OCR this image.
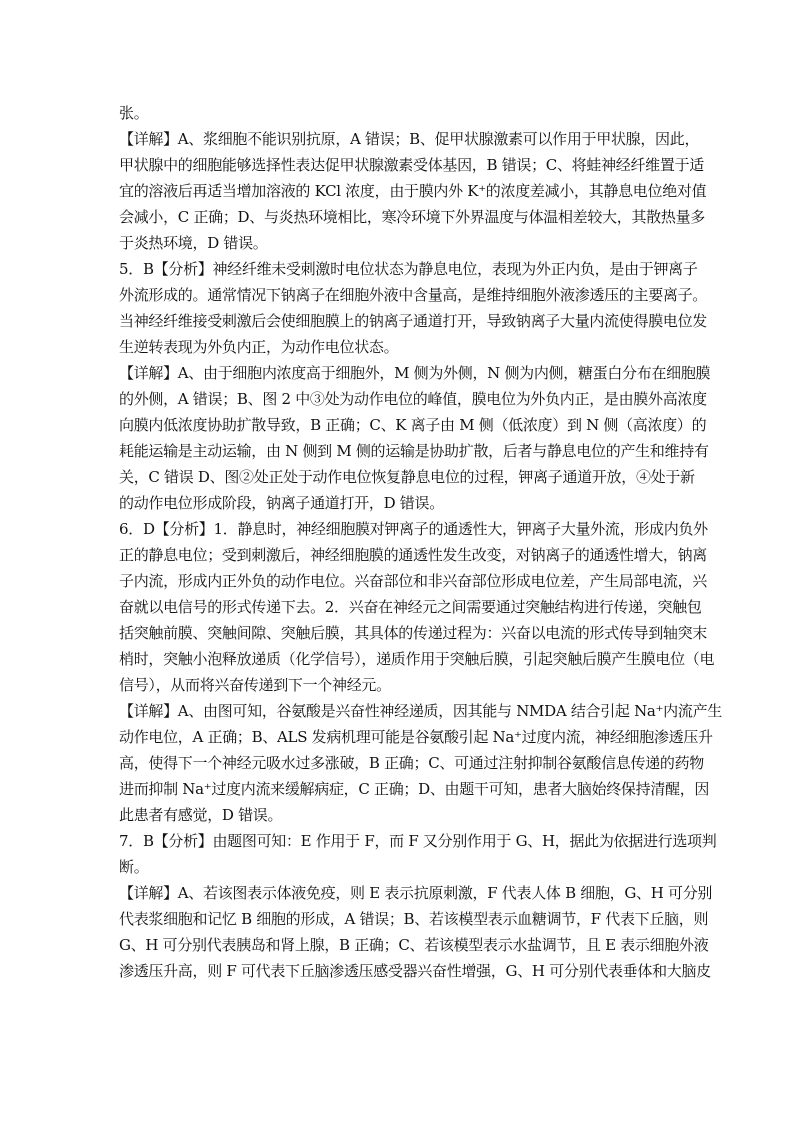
张。
【详解】A、浆细胞不能识别抗原，A 错误；B、促甲状腺激素可以作用于甲状腺，因此，
甲状腺中的细胞能够选择性表达促甲状腺激素受体基因，B 错误；C、将蛙神经纤维置于适
宜的溶液后再适当增加溶液的 KCl 浓度，由于膜内外 K⁺的浓度差减小，其静息电位绝对值
会减小，C 正确；D、与炎热环境相比，寒冷环境下外界温度与体温相差较大，其散热量多
于炎热环境，D 错误。
5．B【分析】神经纤维未受刺激时电位状态为静息电位，表现为外正内负，是由于钾离子
外流形成的。通常情况下钠离子在细胞外液中含量高，是维持细胞外液渗透压的主要离子。
当神经纤维接受刺激后会使细胞膜上的钠离子通道打开，导致钠离子大量内流使得膜电位发
生逆转表现为外负内正，为动作电位状态。
【详解】A、由于细胞内浓度高于细胞外，M 侧为外侧，N 侧为内侧，糖蛋白分布在细胞膜
的外侧，A 错误；B、图 2 中③处为动作电位的峰值，膜电位为外负内正，是由膜外高浓度
向膜内低浓度协助扩散导致，B 正确；C、K 离子由 M 侧（低浓度）到 N 侧（高浓度）的
耗能运输是主动运输，由 N 侧到 M 侧的运输是协助扩散，后者与静息电位的产生和维持有
关，C 错误 D、图②处正处于动作电位恢复静息电位的过程，钾离子通道开放，④处于新
的动作电位形成阶段，钠离子通道打开，D 错误。
6．D【分析】1．静息时，神经细胞膜对钾离子的通透性大，钾离子大量外流，形成内负外
正的静息电位；受到刺激后，神经细胞膜的通透性发生改变，对钠离子的通透性增大，钠离
子内流，形成内正外负的动作电位。兴奋部位和非兴奋部位形成电位差，产生局部电流，兴
奋就以电信号的形式传递下去。2．兴奋在神经元之间需要通过突触结构进行传递，突触包
括突触前膜、突触间隙、突触后膜，其具体的传递过程为：兴奋以电流的形式传导到轴突末
梢时，突触小泡释放递质（化学信号），递质作用于突触后膜，引起突触后膜产生膜电位（电
信号），从而将兴奋传递到下一个神经元。
【详解】A、由图可知，谷氨酸是兴奋性神经递质，因其能与 NMDA 结合引起 Na⁺内流产生
动作电位，A 正确；B、ALS 发病机理可能是谷氨酸引起 Na⁺过度内流，神经细胞渗透压升
高，使得下一个神经元吸水过多涨破，B 正确；C、可通过注射抑制谷氨酸信息传递的药物
进而抑制 Na⁺过度内流来缓解病症，C 正确；D、由题干可知，患者大脑始终保持清醒，因
此患者有感觉，D 错误。
7．B【分析】由题图可知：E 作用于 F，而 F 又分别作用于 G、H，据此为依据进行选项判
断。
【详解】A、若该图表示体液免疫，则 E 表示抗原刺激，F 代表人体 B 细胞，G、H 可分别
代表浆细胞和记忆 B 细胞的形成，A 错误；B、若该模型表示血糖调节，F 代表下丘脑，则
G、H 可分别代表胰岛和肾上腺，B 正确；C、若该模型表示水盐调节，且 E 表示细胞外液
渗透压升高，则 F 可代表下丘脑渗透压感受器兴奋性增强，G、H 可分别代表垂体和大脑皮
